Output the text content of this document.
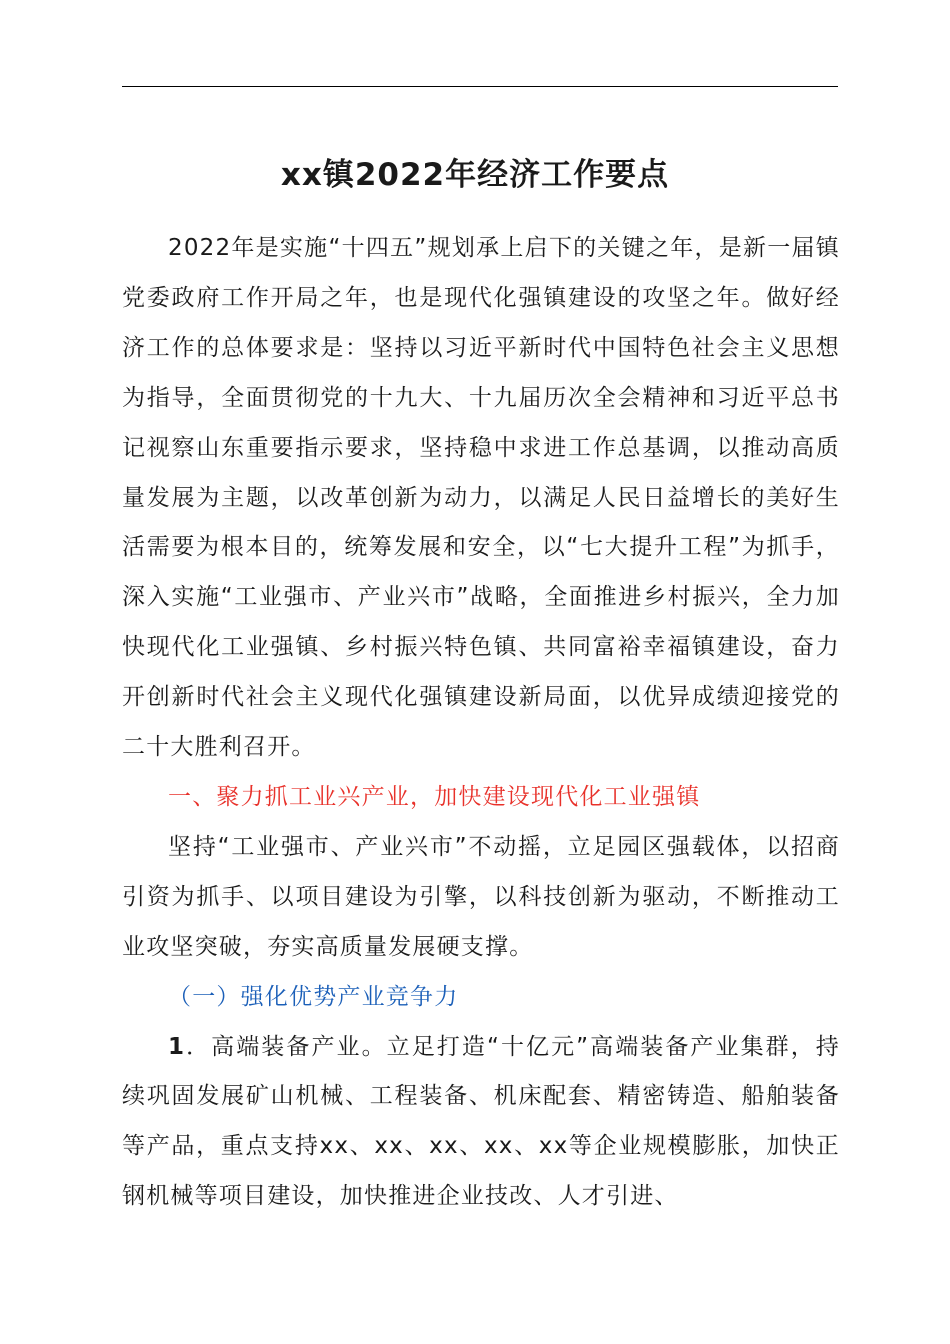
xx镇2022年经济工作要点

2022年是实施“十四五”规划承上启下的关键之年，是新一届镇党委政府工作开局之年，也是现代化强镇建设的攻坚之年。做好经济工作的总体要求是：坚持以习近平新时代中国特色社会主义思想为指导，全面贯彻党的十九大、十九届历次全会精神和习近平总书记视察山东重要指示要求，坚持稳中求进工作总基调，以推动高质量发展为主题，以改革创新为动力，以满足人民日益增长的美好生活需要为根本目的，统筹发展和安全，以“七大提升工程”为抓手，深入实施“工业强市、产业兴市”战略，全面推进乡村振兴，全力加快现代化工业强镇、乡村振兴特色镇、共同富裕幸福镇建设，奋力开创新时代社会主义现代化强镇建设新局面，以优异成绩迎接党的二十大胜利召开。

一、聚力抓工业兴产业，加快建设现代化工业强镇

坚持“工业强市、产业兴市”不动摇，立足园区强载体，以招商引资为抓手、以项目建设为引擎，以科技创新为驱动，不断推动工业攻坚突破，夯实高质量发展硬支撑。

（一）强化优势产业竞争力

1．高端装备产业。立足打造“十亿元”高端装备产业集群，持续巩固发展矿山机械、工程装备、机床配套、精密铸造、船舶装备等产品，重点支持xx、xx、xx、xx、xx等企业规模膨胀，加快正钢机械等项目建设，加快推进企业技改、人才引进、
